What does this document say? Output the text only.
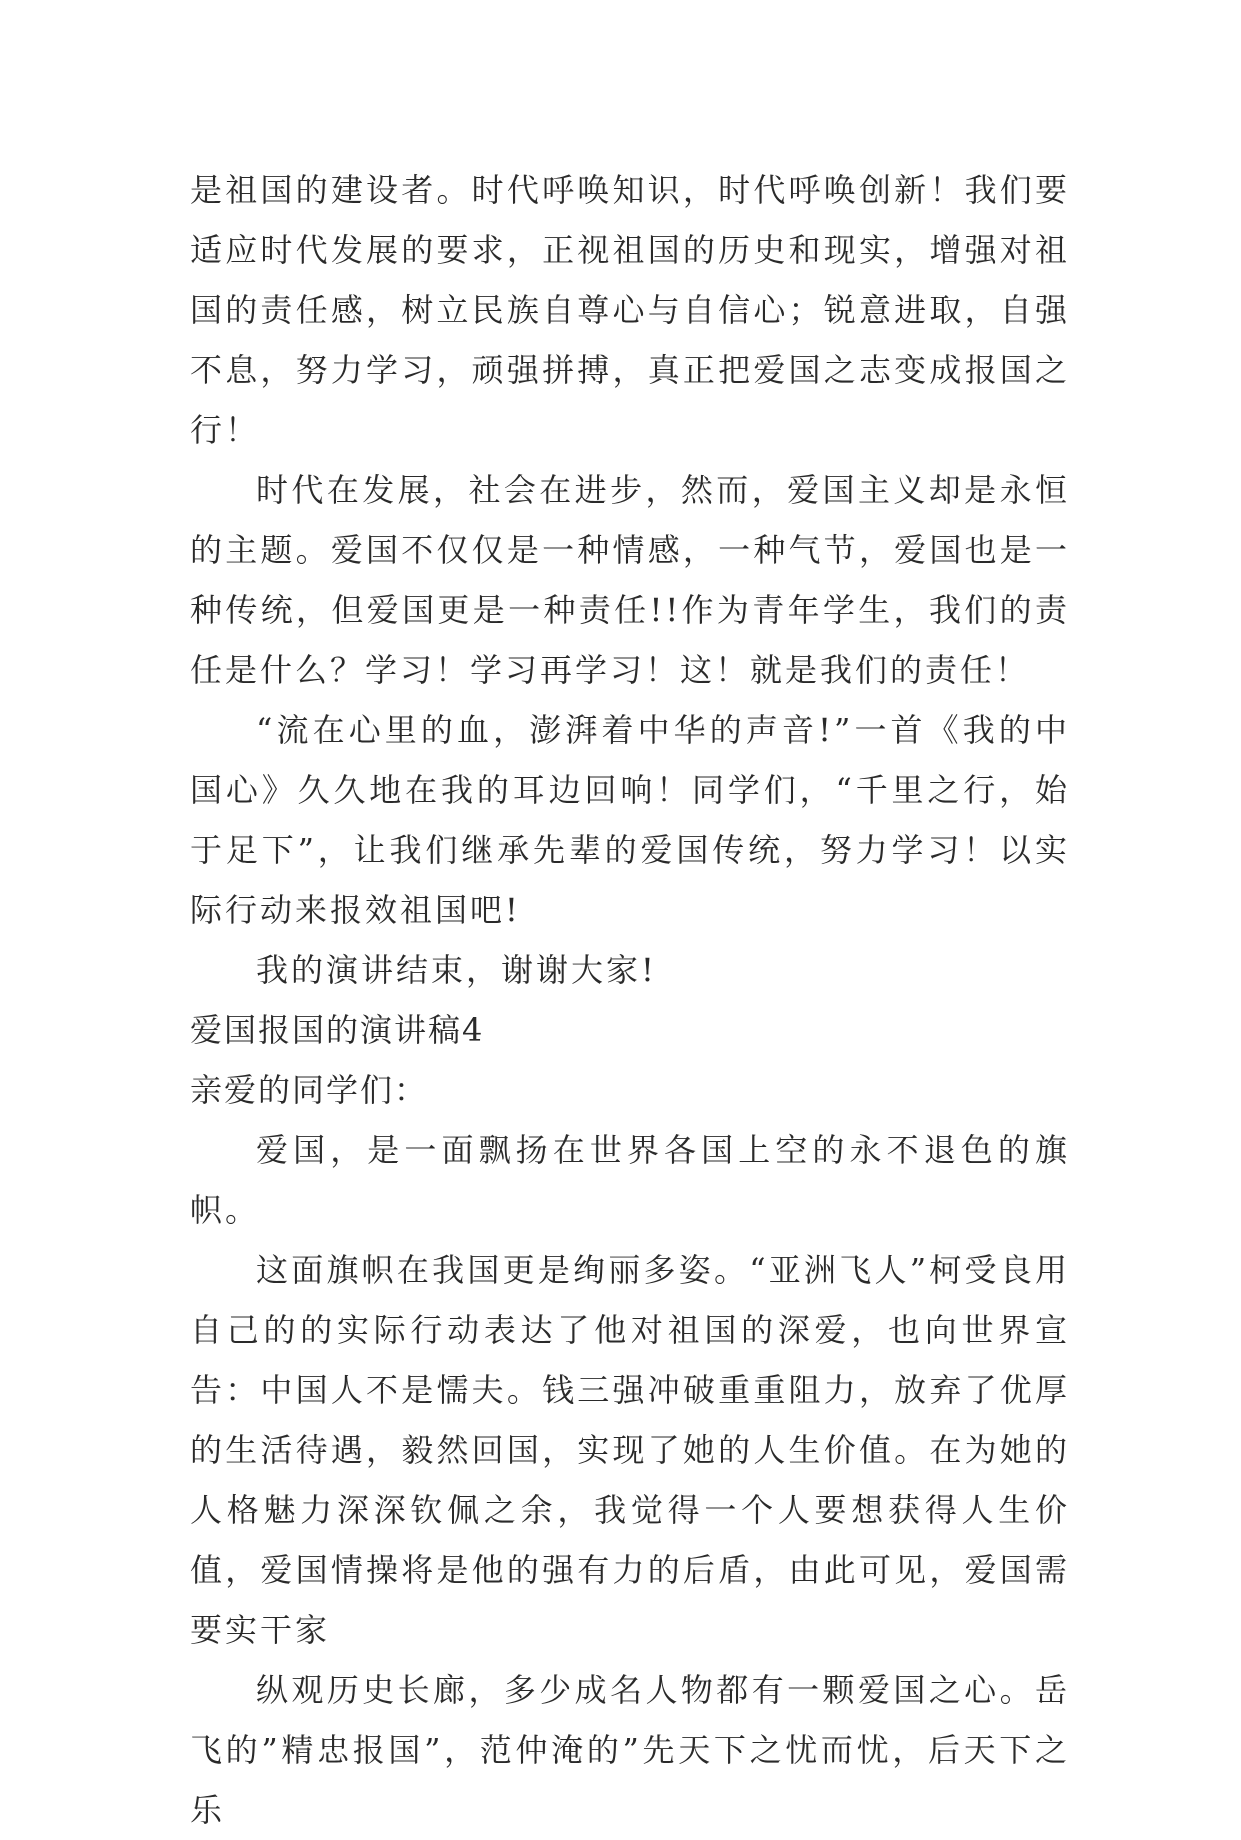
是祖国的建设者。时代呼唤知识，时代呼唤创新！我们要适应时代发展的要求，正视祖国的历史和现实，增强对祖国的责任感，树立民族自尊心与自信心；锐意进取，自强不息，努力学习，顽强拼搏，真正把爱国之志变成报国之行！

时代在发展，社会在进步，然而，爱国主义却是永恒的主题。爱国不仅仅是一种情感，一种气节，爱国也是一种传统，但爱国更是一种责任!!作为青年学生，我们的责任是什么？学习！学习再学习！这！就是我们的责任！

“流在心里的血，澎湃着中华的声音!”一首《我的中国心》久久地在我的耳边回响！同学们，“千里之行，始于足下”，让我们继承先辈的爱国传统，努力学习！以实际行动来报效祖国吧!

我的演讲结束，谢谢大家!

爱国报国的演讲稿4

亲爱的同学们：

爱国，是一面飘扬在世界各国上空的永不退色的旗帜。

这面旗帜在我国更是绚丽多姿。“亚洲飞人”柯受良用自己的的实际行动表达了他对祖国的深爱，也向世界宣告：中国人不是懦夫。钱三强冲破重重阻力，放弃了优厚的生活待遇，毅然回国，实现了她的人生价值。在为她的人格魅力深深钦佩之余，我觉得一个人要想获得人生价值，爱国情操将是他的强有力的后盾，由此可见，爱国需要实干家

纵观历史长廊，多少成名人物都有一颗爱国之心。岳飞的”精忠报国”，范仲淹的”先天下之忧而忧，后天下之乐
